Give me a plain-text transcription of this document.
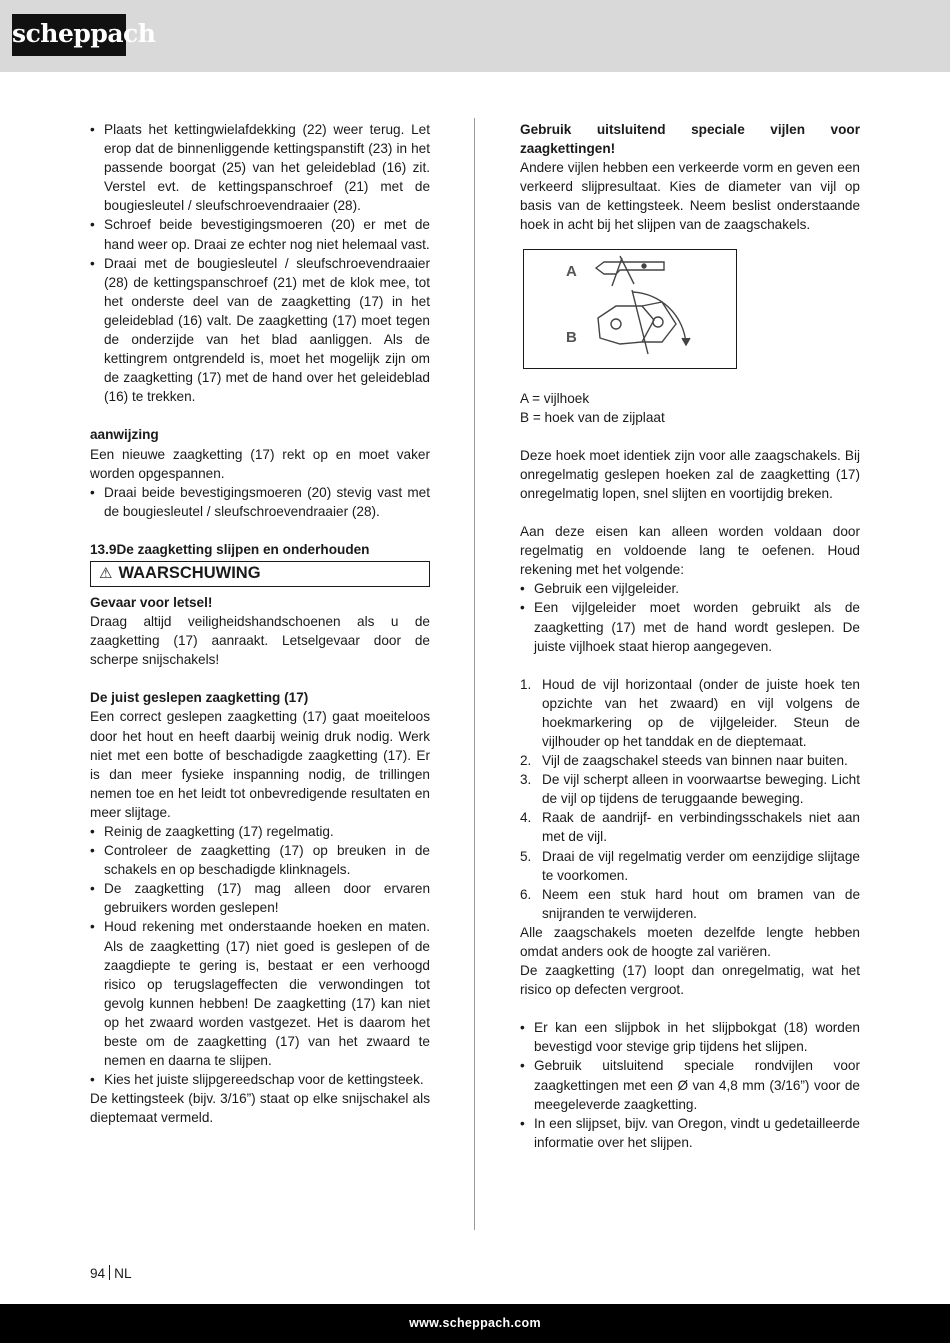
scheppach
• Plaats het kettingwielafdekking (22) weer terug. Let erop dat de binnenliggende kettingspanstift (23) in het passende boorgat (25) van het geleideblad (16) zit. Verstel evt. de kettingspanschroef (21) met de bougiesleutel / sleufschroevendraaier (28).
• Schroef beide bevestigingsmoeren (20) er met de hand weer op. Draai ze echter nog niet helemaal vast.
• Draai met de bougiesleutel / sleufschroevendraaier (28) de kettingspanschroef (21) met de klok mee, tot het onderste deel van de zaagketting (17) in het geleideblad (16) valt. De zaagketting (17) moet tegen de onderzijde van het blad aanliggen. Als de kettingrem ontgrendeld is, moet het mogelijk zijn om de zaagketting (17) met de hand over het geleideblad (16) te trekken.

aanwijzing

Een nieuwe zaagketting (17) rekt op en moet vaker worden opgespannen.

• Draai beide bevestigingsmoeren (20) stevig vast met de bougiesleutel / sleufschroevendraaier (28).

13.9De zaagketting slijpen en onderhouden

⚠ WAARSCHUWING

Gevaar voor letsel!

Draag altijd veiligheidshandschoenen als u de zaagketting (17) aanraakt. Letselgevaar door de scherpe snijschakels!

De juist geslepen zaagketting (17)

Een correct geslepen zaagketting (17) gaat moeiteloos door het hout en heeft daarbij weinig druk nodig. Werk niet met een botte of beschadigde zaagketting (17). Er is dan meer fysieke inspanning nodig, de trillingen nemen toe en het leidt tot onbevredigende resultaten en meer slijtage.

• Reinig de zaagketting (17) regelmatig.
• Controleer de zaagketting (17) op breuken in de schakels en op beschadigde klinknagels.
• De zaagketting (17) mag alleen door ervaren gebruikers worden geslepen!
• Houd rekening met onderstaande hoeken en maten. Als de zaagketting (17) niet goed is geslepen of de zaagdiepte te gering is, bestaat er een verhoogd risico op terugslageffecten die verwondingen tot gevolg kunnen hebben! De zaagketting (17) kan niet op het zwaard worden vastgezet. Het is daarom het beste om de zaagketting (17) van het zwaard te nemen en daarna te slijpen.
• Kies het juiste slijpgereedschap voor de kettingsteek.

De kettingsteek (bijv. 3/16”) staat op elke snijschakel als dieptemaat vermeld.

Gebruik uitsluitend speciale vijlen voor zaagkettingen!

Andere vijlen hebben een verkeerde vorm en geven een verkeerd slijpresultaat. Kies de diameter van vijl op basis van de kettingsteek. Neem beslist onderstaande hoek in acht bij het slijpen van de zaagschakels.

A
B

A = vijlhoek

B = hoek van de zijplaat

Deze hoek moet identiek zijn voor alle zaagschakels. Bij onregelmatig geslepen hoeken zal de zaagketting (17) onregelmatig lopen, snel slijten en voortijdig breken.

Aan deze eisen kan alleen worden voldaan door regelmatig en voldoende lang te oefenen. Houd rekening met het volgende:

• Gebruik een vijlgeleider.
• Een vijlgeleider moet worden gebruikt als de zaagketting (17) met de hand wordt geslepen. De juiste vijlhoek staat hierop aangegeven.
1. Houd de vijl horizontaal (onder de juiste hoek ten opzichte van het zwaard) en vijl volgens de hoekmarkering op de vijlgeleider. Steun de vijlhouder op het tanddak en de dieptemaat.
2. Vijl de zaagschakel steeds van binnen naar buiten.
3. De vijl scherpt alleen in voorwaartse beweging. Licht de vijl op tijdens de teruggaande beweging.
4. Raak de aandrijf- en verbindingsschakels niet aan met de vijl.
5. Draai de vijl regelmatig verder om eenzijdige slijtage te voorkomen.
6. Neem een stuk hard hout om bramen van de snijranden te verwijderen.

Alle zaagschakels moeten dezelfde lengte hebben omdat anders ook de hoogte zal variëren.

De zaagketting (17) loopt dan onregelmatig, wat het risico op defecten vergroot.

• Er kan een slijpbok in het slijpbokgat (18) worden bevestigd voor stevige grip tijdens het slijpen.
• Gebruik uitsluitend speciale rondvijlen voor zaagkettingen met een Ø van 4,8 mm (3/16”) voor de meegeleverde zaagketting.
• In een slijpset, bijv. van Oregon, vindt u gedetailleerde informatie over het slijpen.
94 NL
www.scheppach.com
